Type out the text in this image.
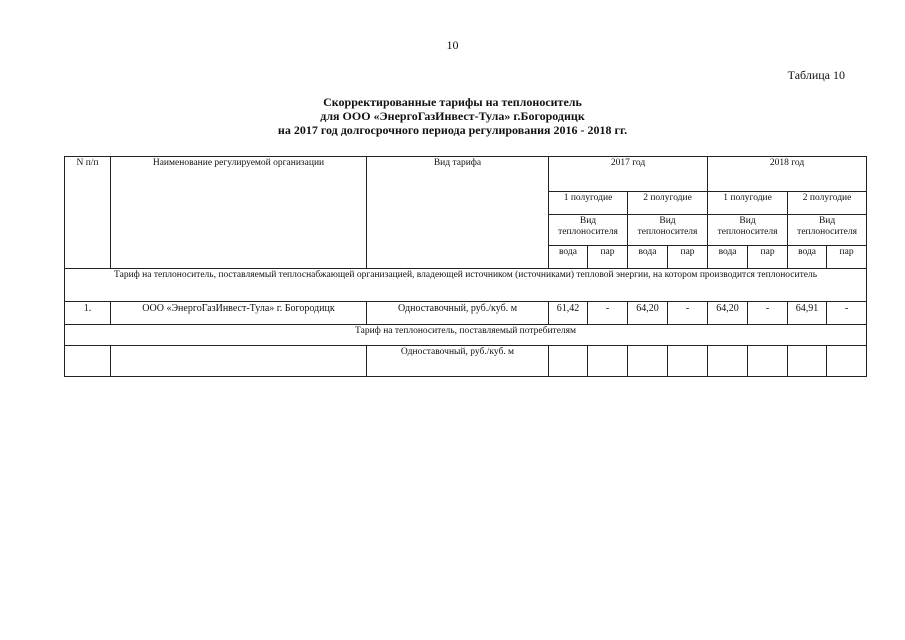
10
Таблица 10
Скорректированные тарифы на теплоноситель
для ООО «ЭнергоГазИнвест-Тула» г.Богородицк
на 2017 год долгосрочного периода регулирования 2016 - 2018 гг.
N п/п	Наименование регулируемой организации	Вид тарифа	2017 год				2018 год			
			1 полугодие		2 полугодие		1 полугодие		2 полугодие	
			Вид теплоносителя		Вид теплоносителя		Вид теплоносителя		Вид теплоносителя	
			вода	пар	вода	пар	вода	пар	вода	пар
Тариф на теплоноситель, поставляемый теплоснабжающей организацией, владеющей источником (источниками) тепловой энергии, на котором производится теплоноситель										
1.	ООО «ЭнергоГазИнвест-Тула» г. Богородицк	Одноставочный, руб./куб. м	61,42	-	64,20	-	64,20	-	64,91	-
Тариф на теплоноситель, поставляемый потребителям										
		Одноставочный, руб./куб. м								
